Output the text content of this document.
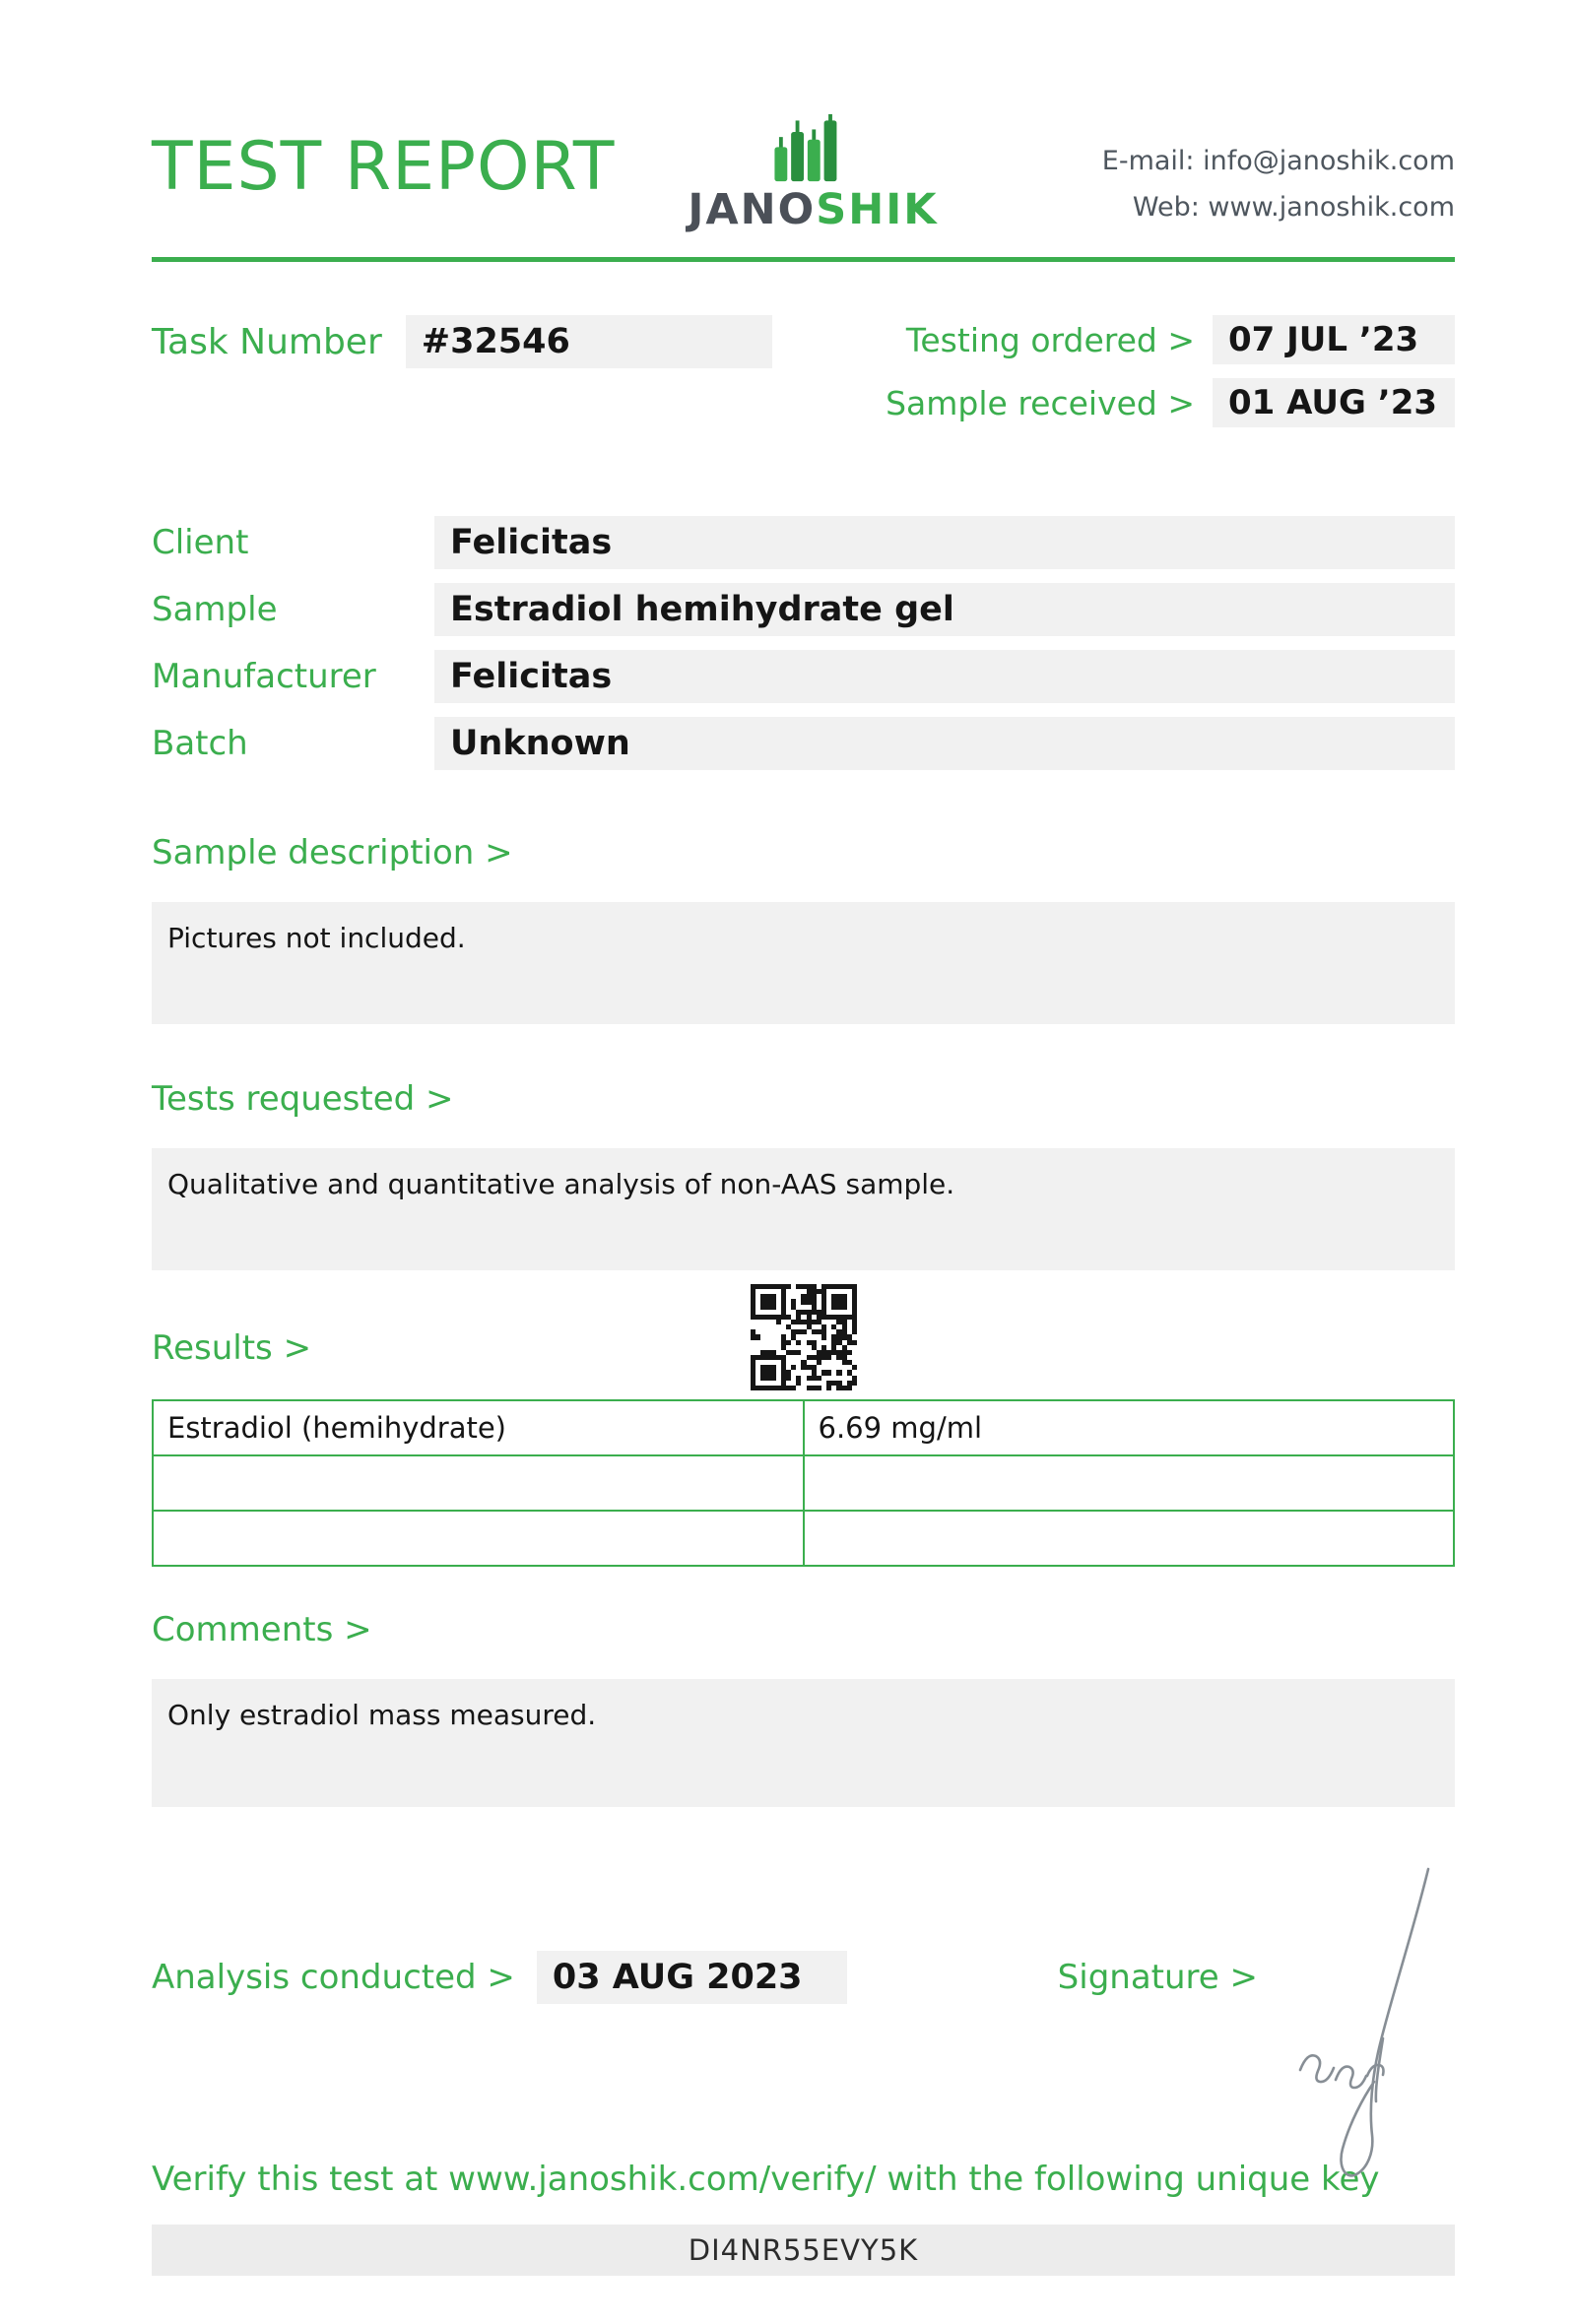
TEST REPORT
JANOSHIK
E-mail: info@janoshik.com
Web: www.janoshik.com
Task Number	#32546	Testing ordered >	07 JUL ’23
Sample received >	01 AUG ’23
Client	Felicitas
Sample	Estradiol hemihydrate gel
Manufacturer	Felicitas
Batch	Unknown
Sample description >
Pictures not included.
Tests requested >
Qualitative and quantitative analysis of non-AAS sample.
Results >
Estradiol (hemihydrate)	6.69 mg/ml

Comments >
Only estradiol mass measured.
Analysis conducted >	03 AUG 2023	Signature >
Verify this test at www.janoshik.com/verify/ with the following unique key
DI4NR55EVY5K
